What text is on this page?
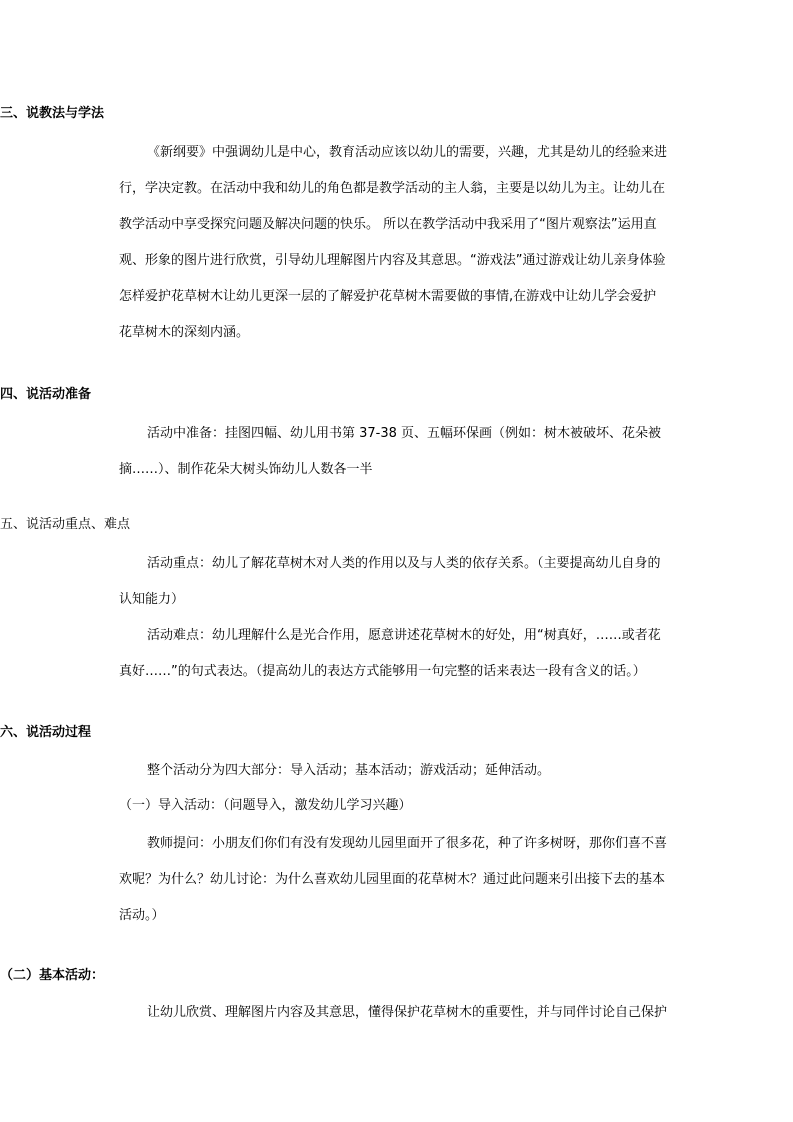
三、说教法与学法

《新纲要》中强调幼儿是中心，教育活动应该以幼儿的需要，兴趣，尤其是幼儿的经验来进

行，学决定教。在活动中我和幼儿的角色都是教学活动的主人翁，主要是以幼儿为主。让幼儿在

教学活动中享受探究问题及解决问题的快乐。 所以在教学活动中我采用了“图片观察法”运用直

观、形象的图片进行欣赏，引导幼儿理解图片内容及其意思。“游戏法”通过游戏让幼儿亲身体验

怎样爱护花草树木让幼儿更深一层的了解爱护花草树木需要做的事情,在游戏中让幼儿学会爱护

花草树木的深刻内涵。

四、说活动准备

活动中准备：挂图四幅、幼儿用书第 37-38 页、五幅环保画（例如：树木被破坏、花朵被

摘……）、制作花朵大树头饰幼儿人数各一半

五、说活动重点、难点

活动重点：幼儿了解花草树木对人类的作用以及与人类的依存关系。（主要提高幼儿自身的

认知能力）

活动难点：幼儿理解什么是光合作用，愿意讲述花草树木的好处，用“树真好，……或者花

真好……”的句式表达。（提高幼儿的表达方式能够用一句完整的话来表达一段有含义的话。）

六、说活动过程

整个活动分为四大部分：导入活动；基本活动；游戏活动；延伸活动。

（一）导入活动：（问题导入，激发幼儿学习兴趣）

教师提问：小朋友们你们有没有发现幼儿园里面开了很多花，种了许多树呀，那你们喜不喜

欢呢？为什么？幼儿讨论：为什么喜欢幼儿园里面的花草树木？通过此问题来引出接下去的基本

活动。）

（二）基本活动：

让幼儿欣赏、理解图片内容及其意思，懂得保护花草树木的重要性，并与同伴讨论自己保护
